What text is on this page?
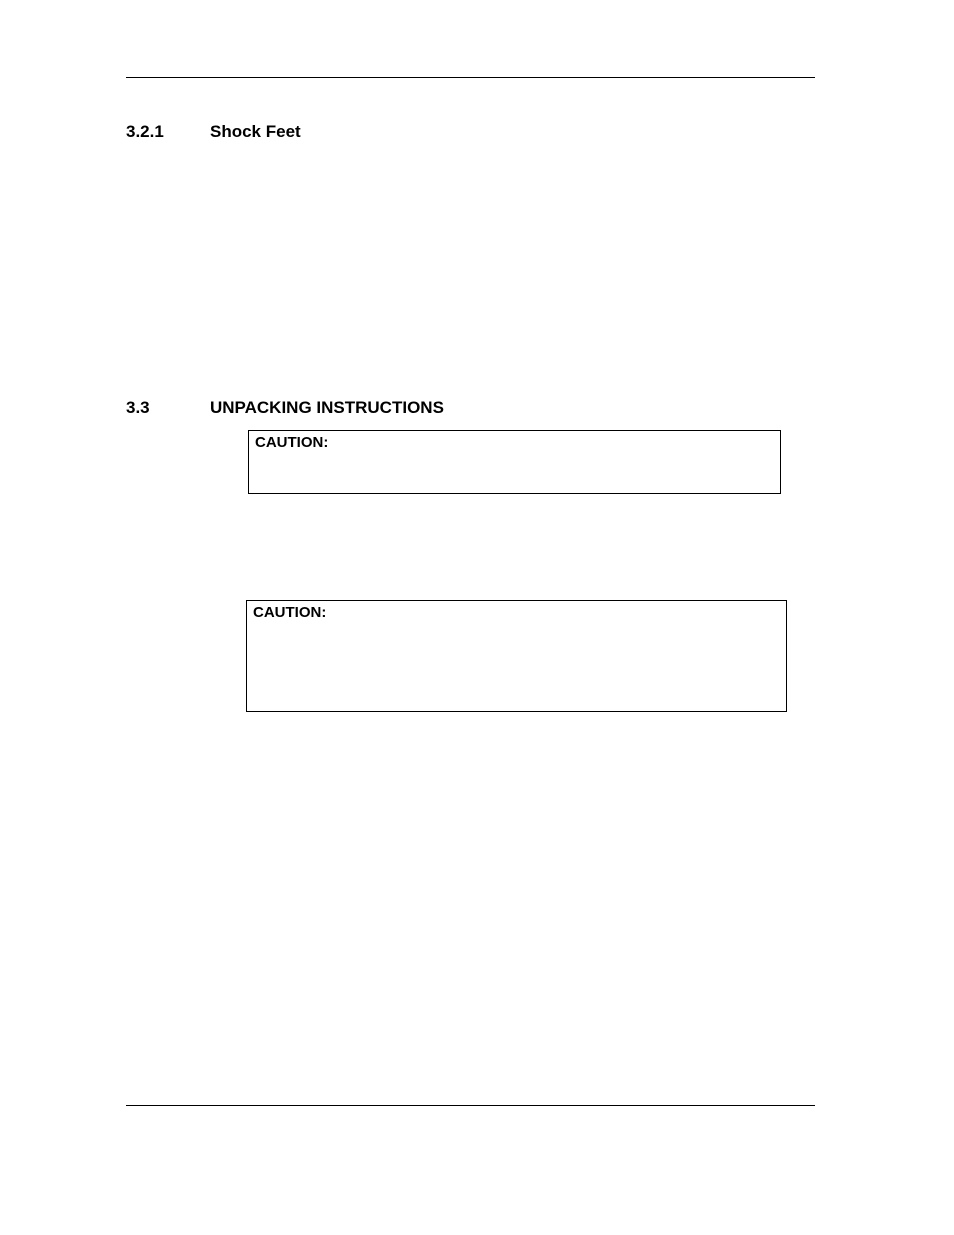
3.2.1	Shock Feet
3.3	UNPACKING INSTRUCTIONS
CAUTION:
CAUTION:
